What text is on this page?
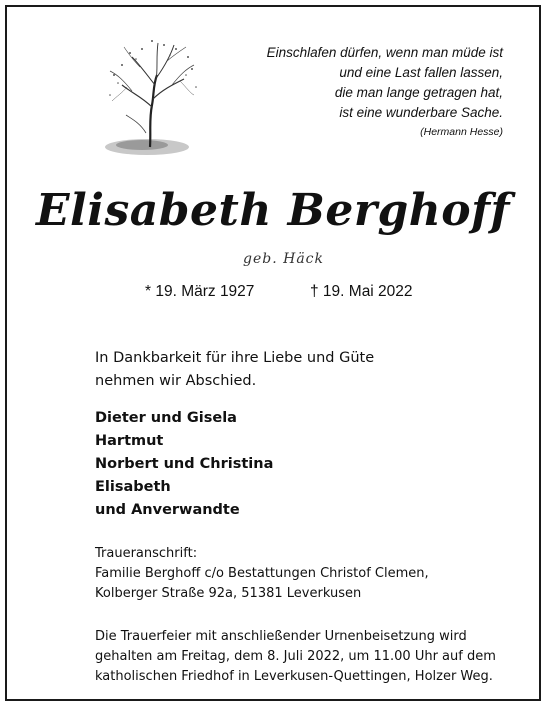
Einschlafen dürfen, wenn man müde ist
und eine Last fallen lassen,
die man lange getragen hat,
ist eine wunderbare Sache.
(Hermann Hesse)
Elisabeth Berghoff
geb. Häck
* 19. März 1927	† 19. Mai 2022
In Dankbarkeit für ihre Liebe und Güte
nehmen wir Abschied.
Dieter und Gisela
Hartmut
Norbert und Christina
Elisabeth
und Anverwandte
Traueranschrift:
Familie Berghoff c/o Bestattungen Christof Clemen,
Kolberger Straße 92a, 51381 Leverkusen
Die Trauerfeier mit anschließender Urnenbeisetzung wird
gehalten am Freitag, dem 8. Juli 2022, um 11.00 Uhr auf dem
katholischen Friedhof in Leverkusen-Quettingen, Holzer Weg.
